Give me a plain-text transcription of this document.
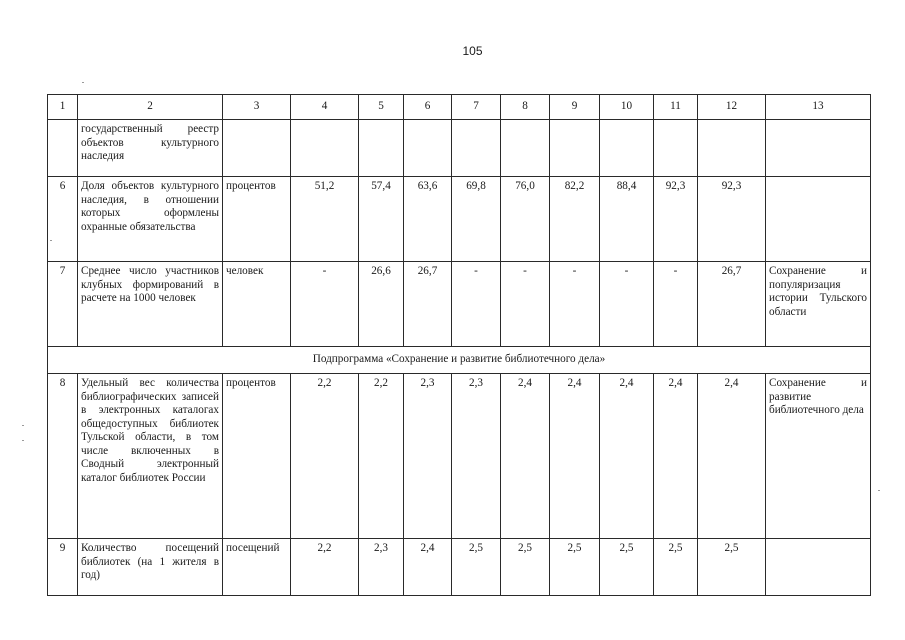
105
1	2	3	4	5	6	7	8	9	10	11	12	13
	государственный реестр объектов культурного наследия											
6	Доля объектов культурного наследия, в отношении которых оформлены охранные обязательства	процентов	51,2	57,4	63,6	69,8	76,0	82,2	88,4	92,3	92,3	
7	Среднее число участников клубных формирований в расчете на 1000 человек	человек	-	26,6	26,7	-	-	-	-	-	26,7	Сохранение и популяризация истории Тульского области
Подпрограмма «Сохранение и развитие библиотечного дела»												
8	Удельный вес количества библиографических записей в электронных каталогах общедоступных библиотек Тульской области, в том числе включенных в Сводный электронный каталог библиотек России	процентов	2,2	2,2	2,3	2,3	2,4	2,4	2,4	2,4	2,4	Сохранение и развитие библиотечного дела
9	Количество посещений библиотек (на 1 жителя в год)	посещений	2,2	2,3	2,4	2,5	2,5	2,5	2,5	2,5	2,5	
